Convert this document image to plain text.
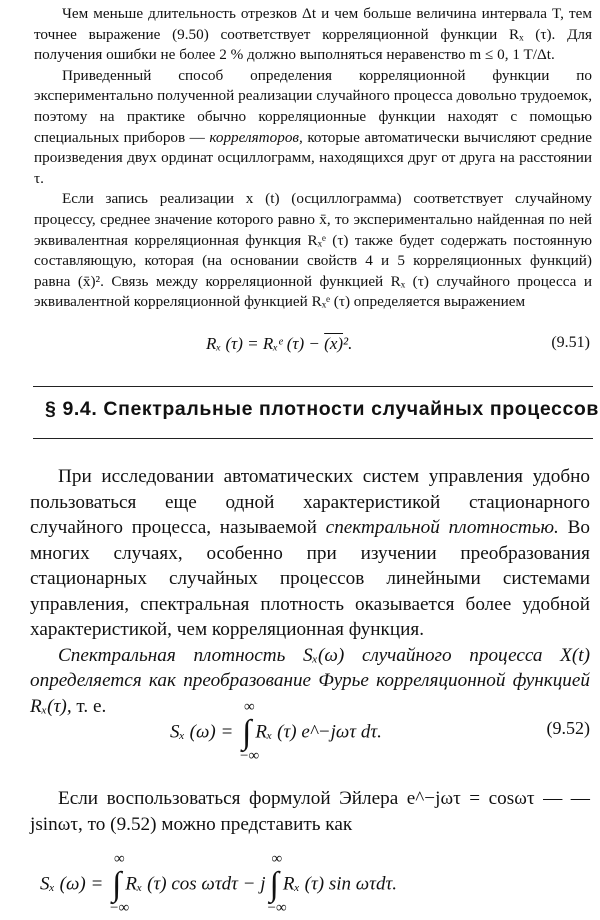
Чем меньше длительность отрезков Δt и чем больше величина интервала T, тем точнее выражение (9.50) соответствует корреляционной функции Rₓ (τ). Для получения ошибки не более 2 % должно выполняться неравенство m ≤ 0, 1 T/Δt.

Приведенный способ определения корреляционной функции по экспериментально полученной реализации случайного процесса довольно трудоемок, поэтому на практике обычно корреляционные функции находят с помощью специальных приборов — корреляторов, которые автоматически вычисляют средние произведения двух ординат осциллограмм, находящихся друг от друга на расстоянии τ.

Если запись реализации x (t) (осциллограмма) соответствует случайному процессу, среднее значение которого равно x̄, то экспериментально найденная по ней эквивалентная корреляционная функция Rₓᵉ (τ) также будет содержать постоянную составляющую, которая (на основании свойств 4 и 5 корреляционных функций) равна (x̄)². Связь между корреляционной функцией Rₓ (τ) случайного процесса и эквивалентной корреляционной функцией Rₓᵉ (τ) определяется выражением

Rₓ (τ) = Rₓᵉ (τ) − (x)².	(9.51)
§ 9.4. Спектральные плотности случайных процессов

При исследовании автоматических систем управления удобно пользоваться еще одной характеристикой стационарного случайного процесса, называемой спектральной плотностью. Во многих случаях, особенно при изучении преобразования стационарных случайных процессов линейными системами управления, спектральная плотность оказывается более удобной характеристикой, чем корреляционная функция.

Спектральная плотность Sₓ(ω) случайного процесса X(t) определяется как преобразование Фурье корреляционной функцией Rₓ(τ), т. е.

Sₓ (ω) = ∫
∞
−∞
Rₓ (τ) e^−jωτ dτ.	(9.52)

Если воспользоваться формулой Эйлера e^−jωτ = cosωτ — — jsinωτ, то (9.52) можно представить как

Sₓ (ω) = ∫
∞
−∞
Rₓ (τ) cos ωτdτ − j ∫
∞
−∞
Rₓ (τ) sin ωτdτ.
